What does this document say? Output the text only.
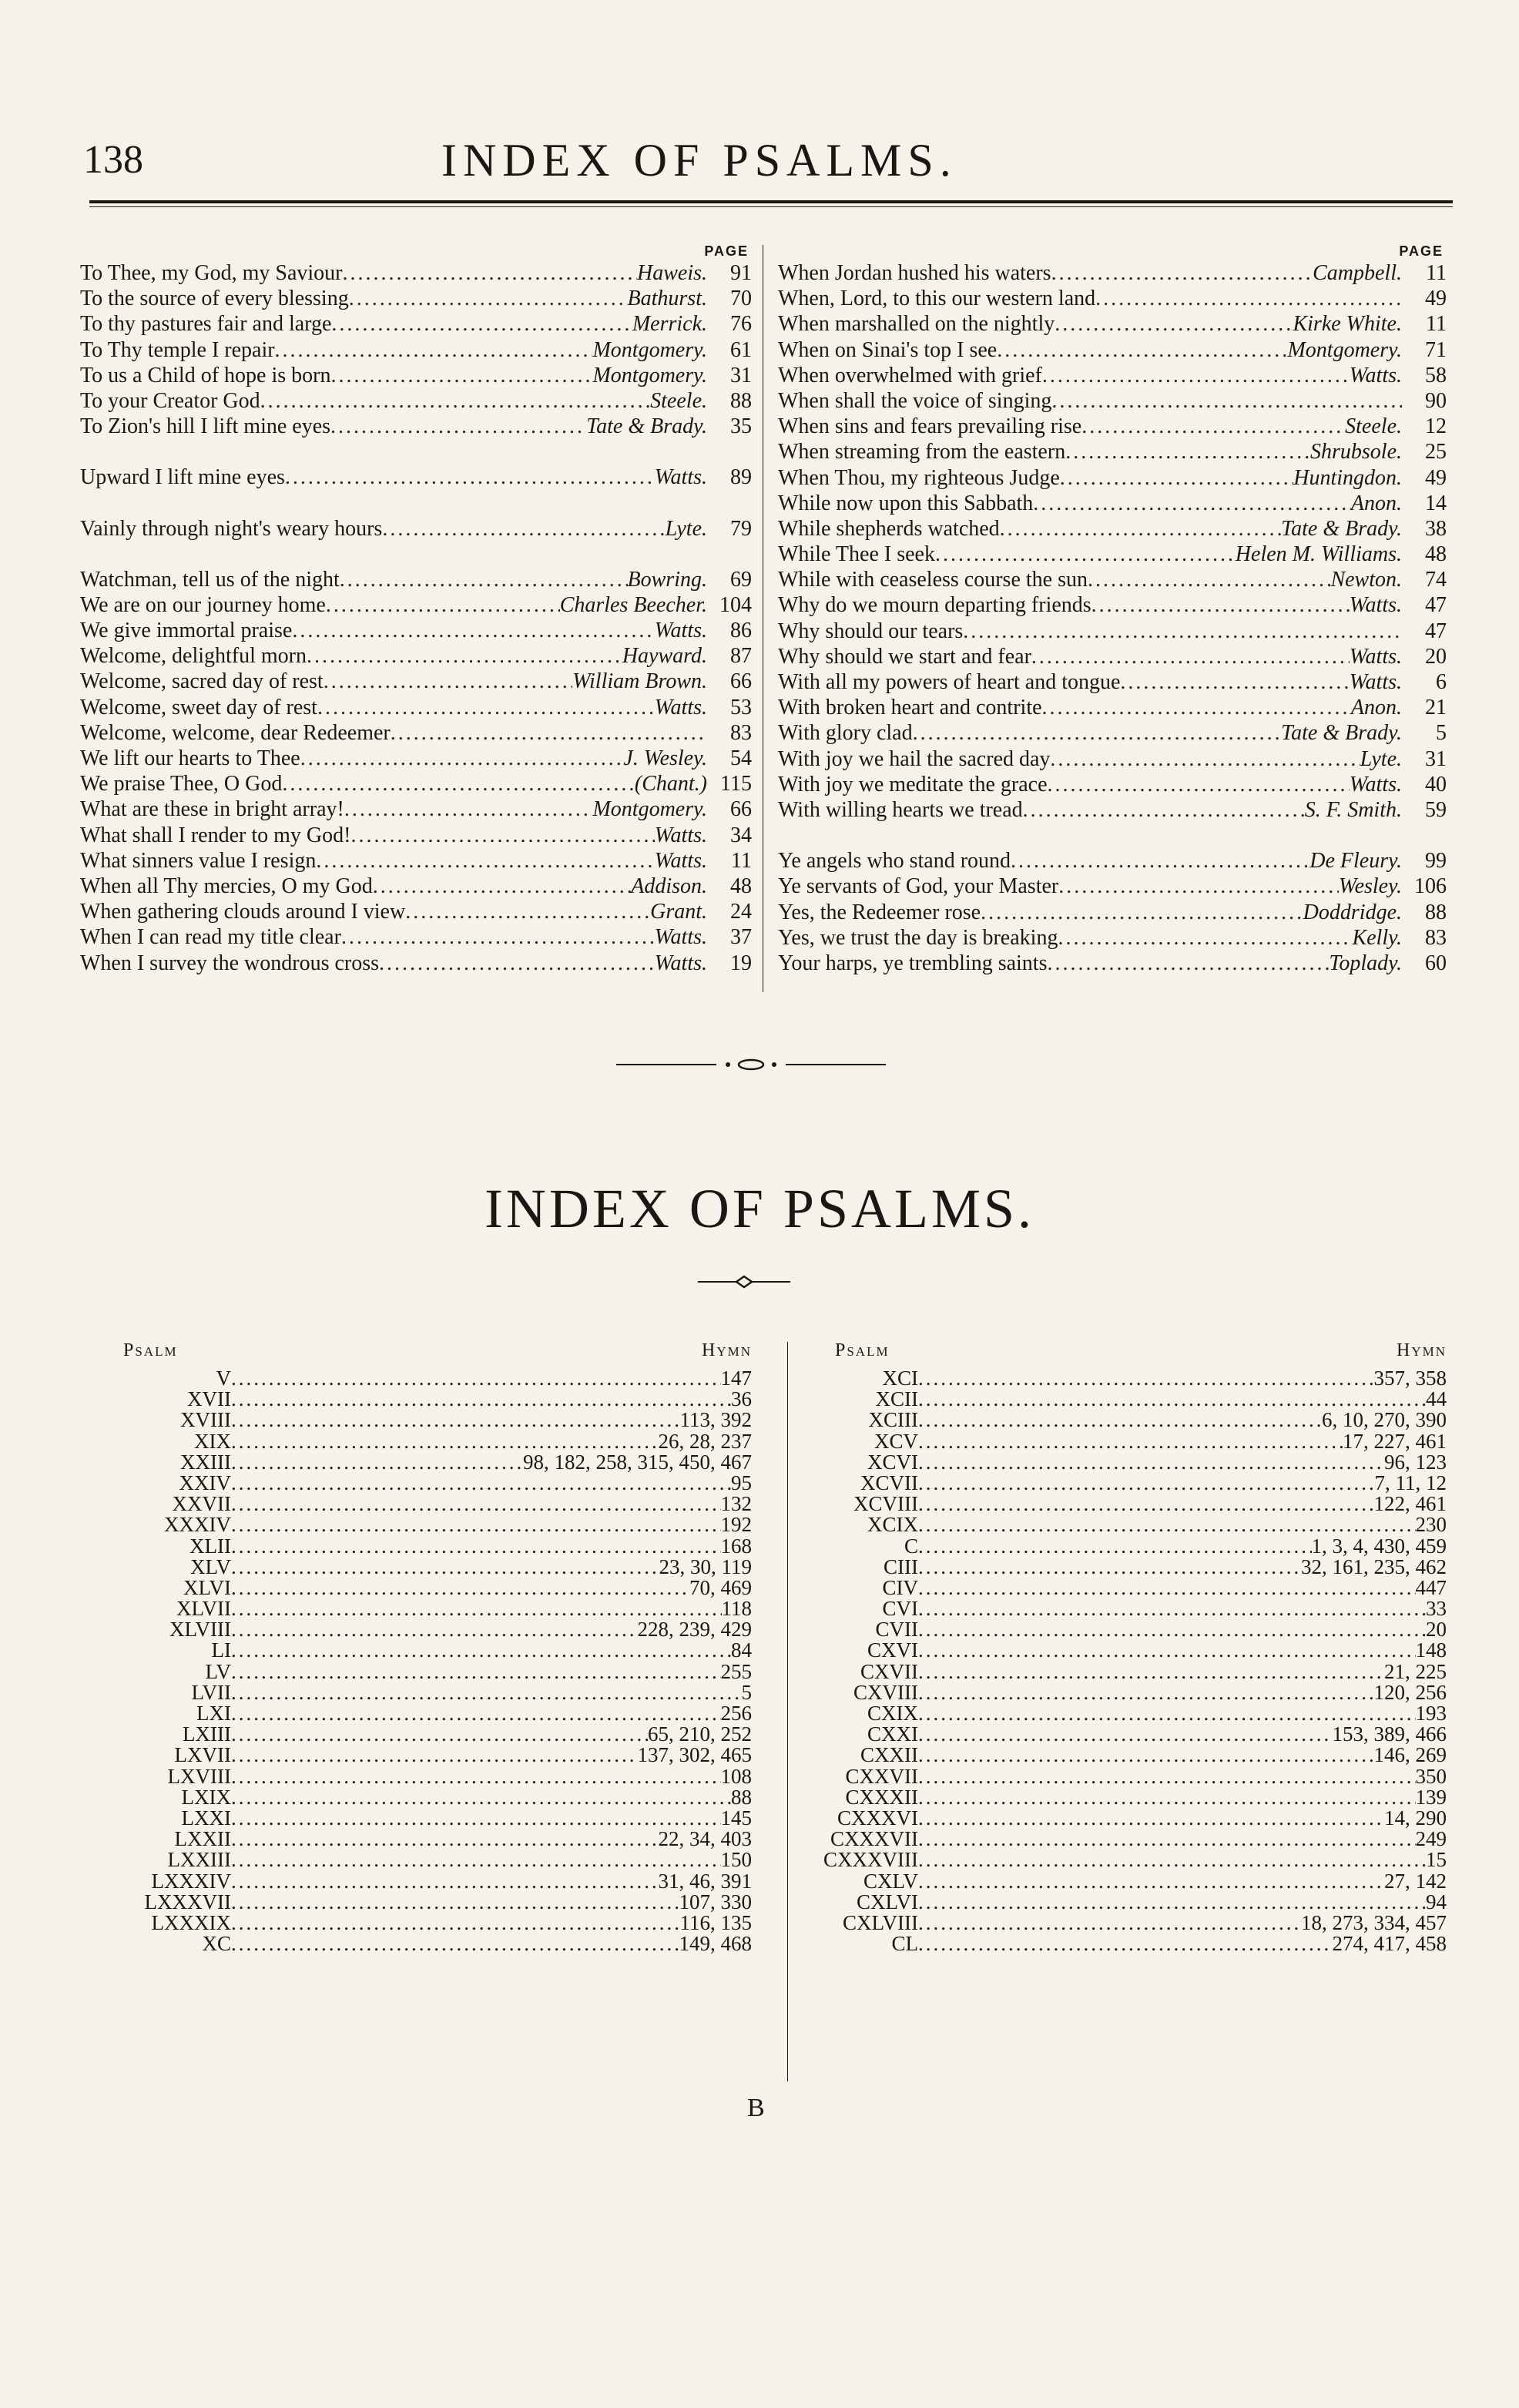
138	INDEX OF PSALMS.
PAGE
To Thee, my God, my Saviour .....	Haweis.	91
To the source of every blessing .....	Bathurst.	70
To thy pastures fair and large .....	Merrick.	76
To Thy temple I repair .....	Montgomery.	61
To us a Child of hope is born .....	Montgomery.	31
To your Creator God .....	Steele.	88
To Zion's hill I lift mine eyes .....	Tate & Brady.	35
Upward I lift mine eyes .....	Watts.	89
Vainly through night's weary hours .....	Lyte.	79
Watchman, tell us of the night .....	Bowring.	69
We are on our journey home .....	Charles Beecher. 104
We give immortal praise .....	Watts.	86
Welcome, delightful morn .....	Hayward.	87
Welcome, sacred day of rest .....	William Brown.	66
Welcome, sweet day of rest .....	Watts.	53
Welcome, welcome, dear Redeemer .....	83
We lift our hearts to Thee .....	J. Wesley.	54
We praise Thee, O God .....	(Chant.) 115
What are these in bright array! .....	Montgomery.	66
What shall I render to my God! .....	Watts.	34
What sinners value I resign .....	Watts.	11
When all Thy mercies, O my God .....	Addison.	48
When gathering clouds around I view .....	Grant.	24
When I can read my title clear .....	Watts.	37
When I survey the wondrous cross .....	Watts.	19
PAGE
When Jordan hushed his waters .....	Campbell.	11
When, Lord, to this our western land .....	49
When marshalled on the nightly .....	Kirke White.	11
When on Sinai's top I see .....	Montgomery.	71
When overwhelmed with grief .....	Watts.	58
When shall the voice of singing .....	90
When sins and fears prevailing rise .....	Steele.	12
When streaming from the eastern .....	Shrubsole.	25
When Thou, my righteous Judge .....	Huntingdon.	49
While now upon this Sabbath .....	Anon.	14
While shepherds watched .....	Tate & Brady.	38
While Thee I seek .....	Helen M. Williams.	48
While with ceaseless course the sun .....	Newton.	74
Why do we mourn departing friends .....	Watts.	47
Why should our tears .....	47
Why should we start and fear .....	Watts.	20
With all my powers of heart and tongue .....	Watts.	6
With broken heart and contrite .....	Anon.	21
With glory clad .....	Tate & Brady.	5
With joy we hail the sacred day .....	Lyte.	31
With joy we meditate the grace .....	Watts.	40
With willing hearts we tread .....	S. F. Smith.	59
Ye angels who stand round .....	De Fleury.	99
Ye servants of God, your Master .....	Wesley. 106
Yes, the Redeemer rose .....	Doddridge.	88
Yes, we trust the day is breaking .....	Kelly.	83
Your harps, ye trembling saints .....	Toplady.	60
INDEX OF PSALMS.
Psalm	Hymn
V .....	147
XVII .....	36
XVIII .....	113, 392
XIX .....	26, 28, 237
XXIII .....	98, 182, 258, 315, 450, 467
XXIV .....	95
XXVII .....	132
XXXIV .....	192
XLII .....	168
XLV .....	23, 30, 119
XLVI .....	70, 469
XLVII .....	118
XLVIII .....	228, 239, 429
LI .....	84
LV .....	255
LVII .....	5
LXI .....	256
LXIII .....	65, 210, 252
LXVII .....	137, 302, 465
LXVIII .....	108
LXIX .....	88
LXXI .....	145
LXXII .....	22, 34, 403
LXXIII .....	150
LXXXIV .....	31, 46, 391
LXXXVII .....	107, 330
LXXXIX .....	116, 135
XC .....	149, 468
Psalm	Hymn
XCI .....	357, 358
XCII .....	44
XCIII .....	6, 10, 270, 390
XCV .....	17, 227, 461
XCVI .....	96, 123
XCVII .....	7, 11, 12
XCVIII .....	122, 461
XCIX .....	230
C .....	1, 3, 4, 430, 459
CIII .....	32, 161, 235, 462
CIV .....	447
CVI .....	33
CVII .....	20
CXVI .....	148
CXVII .....	21, 225
CXVIII .....	120, 256
CXIX .....	193
CXXI .....	153, 389, 466
CXXII .....	146, 269
CXXVII .....	350
CXXXII .....	139
CXXXVI .....	14, 290
CXXXVII .....	249
CXXXVIII .....	15
CXLV .....	27, 142
CXLVI .....	94
CXLVIII .....	18, 273, 334, 457
CL .....	274, 417, 458
B
